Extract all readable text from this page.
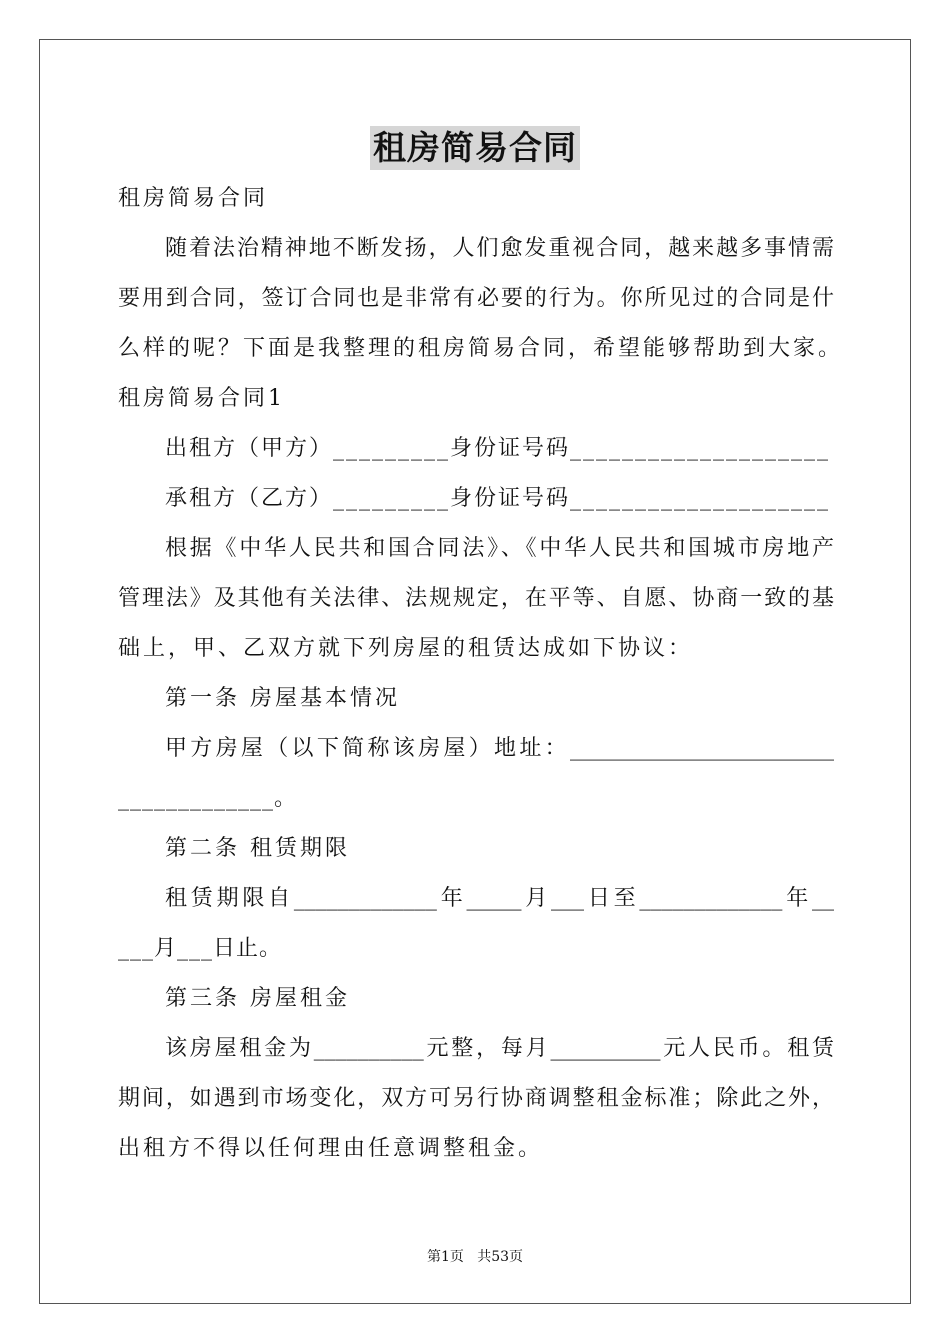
租房简易合同
租房简易合同
随着法治精神地不断发扬，人们愈发重视合同，越来越多事情需
要用到合同，签订合同也是非常有必要的行为。你所见过的合同是什
么样的呢？下面是我整理的租房简易合同，希望能够帮助到大家。
租房简易合同1
出租方（甲方）_________身份证号码____________________
承租方（乙方）_________身份证号码____________________
根据《中华人民共和国合同法》、《中华人民共和国城市房地产
管理法》及其他有关法律、法规规定，在平等、自愿、协商一致的基
础上，甲、乙双方就下列房屋的租赁达成如下协议：
第一条 房屋基本情况
甲方房屋（以下简称该房屋）地址：________________________
_____________。
第二条 租赁期限
租赁期限自_____________年_____月___日至_____________年__
___月___日止。
第三条 房屋租金
该房屋租金为__________元整，每月__________元人民币。租赁
期间，如遇到市场变化，双方可另行协商调整租金标准；除此之外，
出租方不得以任何理由任意调整租金。
第1页   共53页
